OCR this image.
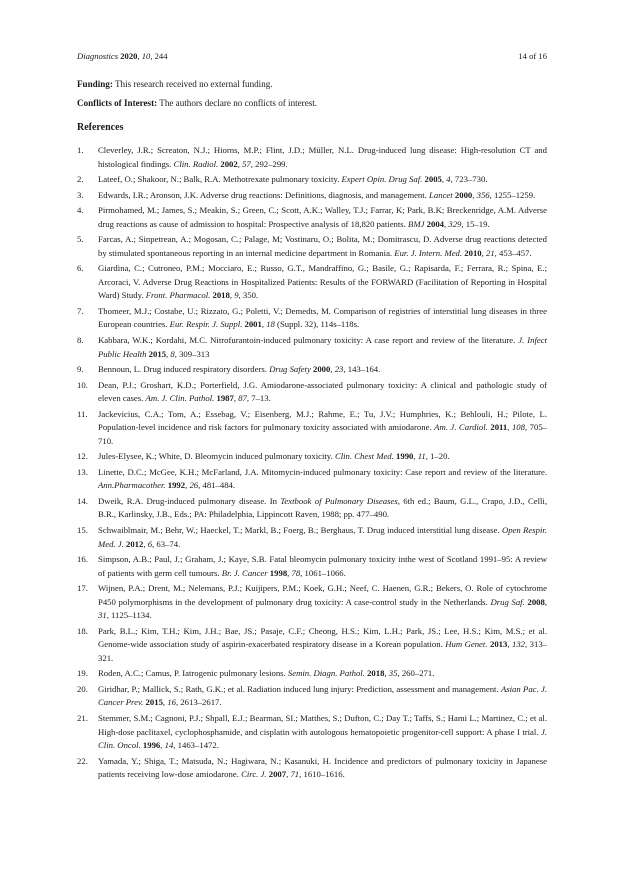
Diagnostics 2020, 10, 244	14 of 16
Funding: This research received no external funding.
Conflicts of Interest: The authors declare no conflicts of interest.
References
1.	Cleverley, J.R.; Screaton, N.J.; Hiorns, M.P.; Flint, J.D.; Müller, N.L. Drug-induced lung disease: High-resolution CT and histological findings. Clin. Radiol. 2002, 57, 292–299.
2.	Lateef, O.; Shakoor, N.; Balk, R.A. Methotrexate pulmonary toxicity. Expert Opin. Drug Saf. 2005, 4, 723–730.
3.	Edwards, I.R.; Aronson, J.K. Adverse drug reactions: Definitions, diagnosis, and management. Lancet 2000, 356, 1255–1259.
4.	Pirmohamed, M.; James, S.; Meakin, S.; Green, C.; Scott, A.K.; Walley, T.J.; Farrar, K; Park, B.K; Breckenridge, A.M. Adverse drug reactions as cause of admission to hospital: Prospective analysis of 18,820 patients. BMJ 2004, 329, 15–19.
5.	Farcas, A.; Sinpetrean, A.; Mogosan, C.; Palage, M; Vostinaru, O.; Bolita, M.; Domitrascu, D. Adverse drug reactions detected by stimulated spontaneous reporting in an internal medicine department in Romania. Eur. J. Intern. Med. 2010, 21, 453–457.
6.	Giardina, C.; Cutroneo, P.M.; Mocciaro, E.; Russo, G.T., Mandraffino, G.; Basile, G.; Rapisarda, F.; Ferrara, R.; Spina, E.; Arcoraci, V. Adverse Drug Reactions in Hospitalized Patients: Results of the FORWARD (Facilitation of Reporting in Hospital Ward) Study. Front. Pharmacol. 2018, 9, 350.
7.	Thomeer, M.J.; Costabe, U.; Rizzato, G.; Poletti, V.; Demedts, M. Comparison of registries of interstitial lung diseases in three European countries. Eur. Respir. J. Suppl. 2001, 18 (Suppl. 32), 114s–118s.
8.	Kabbara, W.K.; Kordahi, M.C. Nitrofurantoin-induced pulmonary toxicity: A case report and review of the literature. J. Infect Public Health 2015, 8, 309–313
9.	Bennoun, L. Drug induced respiratory disorders. Drug Safety 2000, 23, 143–164.
10.	Dean, P.J.; Groshart, K.D.; Porterfield, J.G. Amiodarone-associated pulmonary toxicity: A clinical and pathologic study of eleven cases. Am. J. Clin. Pathol. 1987, 87, 7–13.
11.	Jackevicius, C.A.; Tom, A.; Essebag, V.; Eisenberg, M.J.; Rahme, E.; Tu, J.V.; Humphries, K.; Behlouli, H.; Pilote, L. Population-level incidence and risk factors for pulmonary toxicity associated with amiodarone. Am. J. Cardiol. 2011, 108, 705–710.
12.	Jules-Elysee, K.; White, D. Bleomycin induced pulmonary toxicity. Clin. Chest Med. 1990, 11, 1–20.
13.	Linette, D.C.; McGee, K.H.; McFarland, J.A. Mitomycin-induced pulmonary toxicity: Case report and review of the literature. Ann.Pharmacother. 1992, 26, 481–484.
14.	Dweik, R.A. Drug-induced pulmonary disease. In Textbook of Pulmonary Diseases, 6th ed.; Baum, G.L., Crapo, J.D., Celli, B.R., Karlinsky, J.B., Eds.; PA: Philadelphia, Lippincott Raven, 1988; pp. 477–490.
15.	Schwaiblmair, M.; Behr, W.; Haeckel, T.; Markl, B.; Foerg, B.; Berghaus, T. Drug induced interstitial lung disease. Open Respir. Med. J. 2012, 6, 63–74.
16.	Simpson, A.B.; Paul, J.; Graham, J.; Kaye, S.B. Fatal bleomycin pulmonary toxicity inthe west of Scotland 1991–95: A review of patients with germ cell tumours. Br. J. Cancer 1998, 78, 1061–1066.
17.	Wijnen, P.A.; Drent, M.; Nelemans, P.J.; Kuijipers, P.M.; Koek, G.H.; Neef, C. Haenen, G.R.; Bekers, O. Role of cytochrome P450 polymorphisms in the development of pulmonary drug toxicity: A case-control study in the Netherlands. Drug Saf. 2008, 31, 1125–1134.
18.	Park, B.L.; Kim, T.H.; Kim, J.H.; Bae, JS.; Pasaje, C.F.; Cheong, H.S.; Kim, L.H.; Park, JS.; Lee, H.S.; Kim, M.S.; et al. Genome-wide association study of aspirin-exacerbated respiratory disease in a Korean population. Hum Genet. 2013, 132, 313–321.
19.	Roden, A.C.; Camus, P. Iatrogenic pulmonary lesions. Semin. Diagn. Pathol. 2018, 35, 260–271.
20.	Giridhar, P.; Mallick, S.; Rath, G.K.; et al. Radiation induced lung injury: Prediction, assessment and management. Asian Pac. J. Cancer Prev. 2015, 16, 2613–2617.
21.	Stemmer, S.M.; Cagnoni, P.J.; Shpall, E.J.; Bearman, SI.; Matthes, S.; Dufton, C.; Day T.; Taffs, S.; Hami L.; Martinez, C.; et al. High-dose paclitaxel, cyclophosphamide, and cisplatin with autologous hematopoietic progenitor-cell support: A phase I trial. J. Clin. Oncol. 1996, 14, 1463–1472.
22.	Yamada, Y.; Shiga, T.; Matsuda, N.; Hagiwara, N.; Kasanuki, H. Incidence and predictors of pulmonary toxicity in Japanese patients receiving low-dose amiodarone. Circ. J. 2007, 71, 1610–1616.
